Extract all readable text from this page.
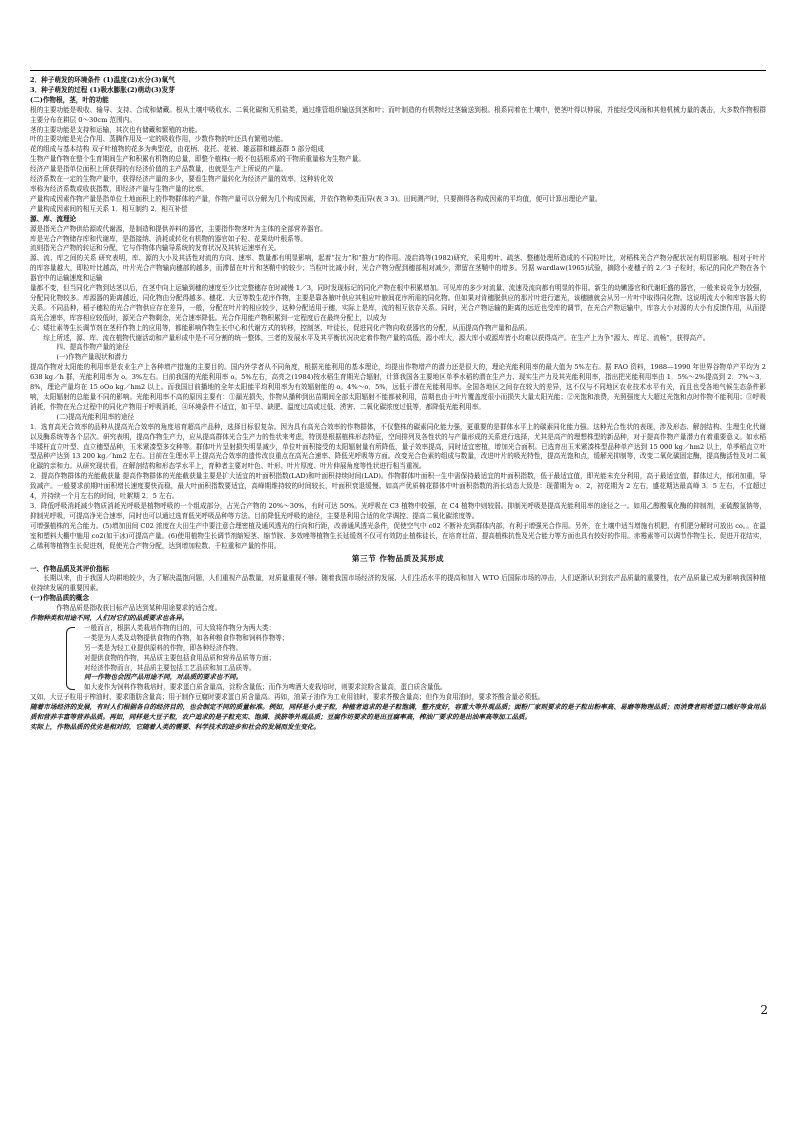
2．种子萌发的环境条件 (1)温度(2)水分(3)氧气

3．种子萌发的过程 (1)吸水膨胀(2)萌动(3)发芽

(二)作物根，茎，叶的功能

根的主要功能是吸收、输导、支持、合成和储藏。根从土壤中吸收水、二氧化碳和无机盐类，通过维管组织输送到茎和叶；而叶制造的有机物经过茎输送到根。根系同着在土壤中，使茎叶得以伸展，并能经受风雨和其他机械力量的袭击，大多数作物根群主要分布在耕层 0～30cm 范围内。

茎的主要功能是支持和运输，其次也有储藏和繁殖的功能。

叶的主要功能是光合作用、蒸腾作用及一定的吸收作用，少数作物的叶还具有繁殖功能。

花的组成与基本结构 双子叶植物的花多为典型花，由花柄、花托、花被、雄蕊群和雌蕊群 5 部分组成

生物产量作物在整个生育期间生产和积累有机物的总量，即整个植株(一般不包括根系)的干物质重量称为生物产量。

经济产量是指单位面积上所获得的有经济价值的主产品数量，也就是生产上所说的产量。

经济系数在一定的生物产量中，获得经济产量的多少，要看生物产量转化为经济产量的效率，这种转化效

率称为经济系数或收获指数，即经济产量与生物产量的比率。

产量构成因素作物产量是指单位土地面积上的作物群体的产量，作物产量可以分解为几个构成因素，并依作物种类而异(表 3 3)。田间测产时，只要测得各构成因素的平均值，便可计算出理论产量。

产量构成因素间的相互关系 1．相互制约 2．相互补偿

源、库、流理论

源是指光合产物供给源或代谢源，是制造和提供养料的器官，主要指作物茎叶为主体的全部营养器官。

库是光合产物储存库和代谢库，是指接纳、消耗或转化有机物的器官如子粒、花果幼叶根系等。

流则指光合产物的转运和分配，它与作物体内输导系统的发育状况及其转运速率有关。

源、流、库之间的关系 研究表明，库、源的大小及其活性对流的方向、速率、数量都有明显影响，起着“拉力”和“推力”的作用。凌启鸿等(1982)研究，采用剪叶、疏茎、整穗处理所造成的不同粒叶比，对稻株光合产物分配状况有明显影响。相对于叶片的库容量越大，即粒叶比越高，叶片光合产物输向穗部的越多，而滞留在叶片和茎鞘中的较少；当粒叶比减小时，光合产物分配到穗部相对减少，滞留在茎鞘中的增多。另据 wardlaw(1965)试验，摘除小麦穗子的 2／3 子粒时，标记的同化产物在各个器官中的运输速度和运输

量都不变，但当同化产物到达茎以后，在茎中向上运输到穗的速度至少比完整穗存在时减慢 1／3，同时发现标记的同化产物在根中积累增加。可见库的多少对流量、流速及流向都有明显的作用。新生的幼嫩器官和代谢旺盛的器官，一般来说竞争力较强，分配同化物较多。库源器的距离越近，同化物由分配得越多。穗花、大豆等数生花序作物，主要是靠各腋叶供应其相应叶腋间花序所需的同化物。但如果对肯穗脱供应的那片叶进行遮光，该穗腋就会从另一片叶中取得同化物。这说明流大小和库容器大的关系。不同品种，稻子穗粒的光合产物供应存在差异，一般，分配在叶片的相应较少，这种分配适用于穗，实际上是库，流的相互依存关系。同时，光合产物运输的距离的远近也受库的调节，在光合产物运输中，库容大小对源的大小有反馈作用，从而提高光合速率，库容相应较低时，源光合产物剩余，光合速率降低。光合作用能产物积累到一定程度后在最终分配上，以成为

心；矮壮素等生长调节剂在茎秆作物上的应用等，都能影响作物生长中心和代谢方式的转移，控制茎、叶徒长，促进同化产物向收获器官的分配，从而提高作物产量和品质。

综上所述，源、库、流在植物代谢活动和产量形成中是不可分割的统一整体，三者的发展水平及其平衡状况决定着作物产量的高低，源小库大，源大库小或源库皆小均难以获得高产。在生产上为争“源大、库足、流畅”，获得高产。

四、提高作物产量的途径

(一)作物产量现状和潜力

提高作物对太阳能的利用率是农业生产上各种增产措施的主要目的。国内外学者从不同角度，根据光能利用的基本理论，均提出作物增产的潜力还是很大的，理论光能利用率的最大值为 5%左右。据 FAO 资料，1988—1990 年世界谷物单产平均为 2 638 kg／h 群，光能利用率为 o。3%左右。目前我国的光能利用率 o。5%左右，高亮之(1984)按水稻生育期光合辐射，计算我国各主要地区单季水稻的潜在生产力、现实生产力及其光能利用率，指出把光能利用率由 1．5%～2%提高到 2．7%～3．8%，理论产量均在 15 oOo kg／hm2 以上。而我国目前播地的全年太阳能平均利用率为有效辐射能的 o。4%～o．5%，远低于潜在光能利用率。全国各地区之间存在较大的差异，这不仅与不同地区农业技术水平有关，而且也受各地气候生态条件影响，太阳辐射的总能量不同的影响。光能利用率不高的原因主要有：①漏光损失，作物从播种到出苗期间全部太阳辐射不能都被利用，苗期也由于叶片覆盖度很小而损失大量太阳光能；②光饱和浪费，光照强度大大超过光饱和点时作物不能利用；③呼吸消耗，作物在光合过程中的同化产物用于呼吸消耗，④环境条件不适宜，如干旱、缺肥、温度过高或过低、涝害、二氧化碳浓度过低等，都降低光能利用率。

(二)提高光能利用率的途径

1．选育高光合效率的品种从提高光合效率的角度培育超高产品种，选择目标很复杂。因为具有高光合效率的作物群体，不仅整株的碳素同化能力强，更重要的是群体水平上的碳素同化能力强。这种光合性状的表现，涉及形态、解剖结构、生理生化代谢以及酶系统等各个层次。研究表明，提高作物生产力，应从提高群体光合生产力的性状来考虑，特别是根据植株形态特征，空间排列及各性状的与产量形成的关系进行选择，尤其是高产的理想株型的新品种，对于提高作物产量潜力有着重要意义。如水稻半矮杆直立叶型、直立穗型品种，玉米紧凑型多交种等。群体叶片呈射损失明显减少，单位叶面积接受的太阳辐射量有所降低，量子效率提高，同时适宜密植，增加光合面积。已选育出玉米紧凑株型品种单产达到 15 000 kg／hm2 以上，单季稻直立叶型品种产达到 13 200 kg／hm2 左右。目前在生理水平上提高光合效率的遗传改良重点在高光合速率、降低光呼吸等方面。改变光合色素的组成与数量，改进叶片的吸光特性，提高光饱和点，缓解光抑制等，改变二氧化碳固定酶，提高酶活性及对二氧化碳的亲和力。从研究现状看，在解剖结构和形态学水平上，育种者主要对叶色、叶形、叶片厚度、叶片伸展角度等性状进行相当重视。

2．提高作物群体的光能截获量 提高作物群体的光能截获量主要是扩大适宜的叶面积指数(LAD)和叶面积持续时间(LAD)。作物群体叶面积一生中需保持最适宜的叶面积指数，低于最适宜值，即光能未充分利用，高于最适宜值，群体过大，郁闭加重，导致减产。一般要求前期叶面积增长速度要快而稳，最大叶面积指数要适宜，高峰期维持较的时间较长，叶面积衰退缓慢。如高产优质棉花群体中叶面积指数的消长动态大致是：现蕾期为 o．2，初花期为 2 左右，盛花期达最高峰 3．5 左右，不宜超过 4，并持续一个月左右的时间，吐絮期 2．5 左右。

3．降低呼吸消耗减少物质消耗光呼吸是植物呼吸的一个组成部分，占光合产物的 20%～30%，有时可达 50%。光呼吸在 C3 植物中较强，在 C4 植物中则较弱。抑制光呼吸是提高光能利用率的途径之一。如用乙醇酸氧化酶的抑制剂，亚硫酸氢钠等，抑制光呼吸，可提高净光合速率，同时也可以通过选育低光呼吸品种等方法。目前降低光呼吸的途径，主要是利用合适的化学调控、提高二氧化碳浓度等。

可增强植株的光合能力。(5)增加田间 C02 浓度在大田生产中要注意合理密植及通风透光的行向和行距，改善通风透光条件，促使空气中 c02 不断补充到群体内部，有利于增强光合作用。另外，在土壤中适当增施有机肥，有机肥分解时可放出 co。。在温室和塑料大棚中施用 co2(如干冰)可提高产量。(6)使用植物生长调节剂缩短茎、缩节胺、多效唑等植物生长延缓剂不仅可有效防止植株徒长，在培育壮苗、提高植株抗性及光合能力等方面也具有较好的作用。赤霉素等可以调节作物生长、促进开花结实，乙烯利等植物生长促进剂，促使光合产物分配，达到增加粒数、千粒重和产量的作用。

第三节 作物品质及其形成

一、作物品质及其评价指标

长期以来，由于我国人均耕地较少，为了解决温饱问题，人们重视产品数量，对质量重视不够。随着我国市场经济的发展、人们生活水平的提高和加入 WTO 后国际市场的冲击，人们逐渐认识到农产品质量的重要性，农产品质量已成为影响我国种植业持续发展的重要因素。

(一)作物品质的概念

作物品质是指收获目标产品达到某种用途要求的适合度。

作物种类和用途不同，人们对它们的品质要求也各异。

一般而言，根据人类栽培作物的目的，可大致将作物分为两大类：

一类是为人类及动物提供食物的作物，如各种粮食作物和饲料作物等；

另一类是为轻工业提供原料的作物，即各种经济作物。

对提供食物的作物，其品质主要包括食用品质和营养品质等方面；

对经济作物而言，其品质主要包括工艺品质和加工品质等。

同一作物也会因产品用途不同，对品质的要求也不同。

如大麦作为饲料作物栽培时，要求蛋白质含量高，淀粉含量低；而作为啤酒大麦栽培时，则要求淀粉含量高，蛋白质含量低。

又如，大豆子粒用于榨油时，要求脂肪含量高；用于制作豆腐时要求蛋白质含量高。再如，油菜子油作为工业用油时，要求芥酸含量高；但作为食用油时，要求芥酸含量必须低。

随着市场经济的发展，有时人们根据各自的经济目的，也会制定不同的质量标准。例如，同样是小麦子粒，种植者追求的是子粒饱满，整齐度好，容重大等外观品质；面粉厂家则要求的是子粒出粉率高、易磨等物理品质；而消费者则希望口感好等食用品质和营养丰富等营养品质。再如，同样是大豆子粒，农户追求的是子粒充实、饱满、淡脐等外观品质；豆腐作坊要求的是出豆腐率高，榨油厂要求的是出油率高等加工品质。

实际上，作物品质的优劣是相对的，它随着人类的需要、科学技术的进步和社会的发展而发生变化。

2
